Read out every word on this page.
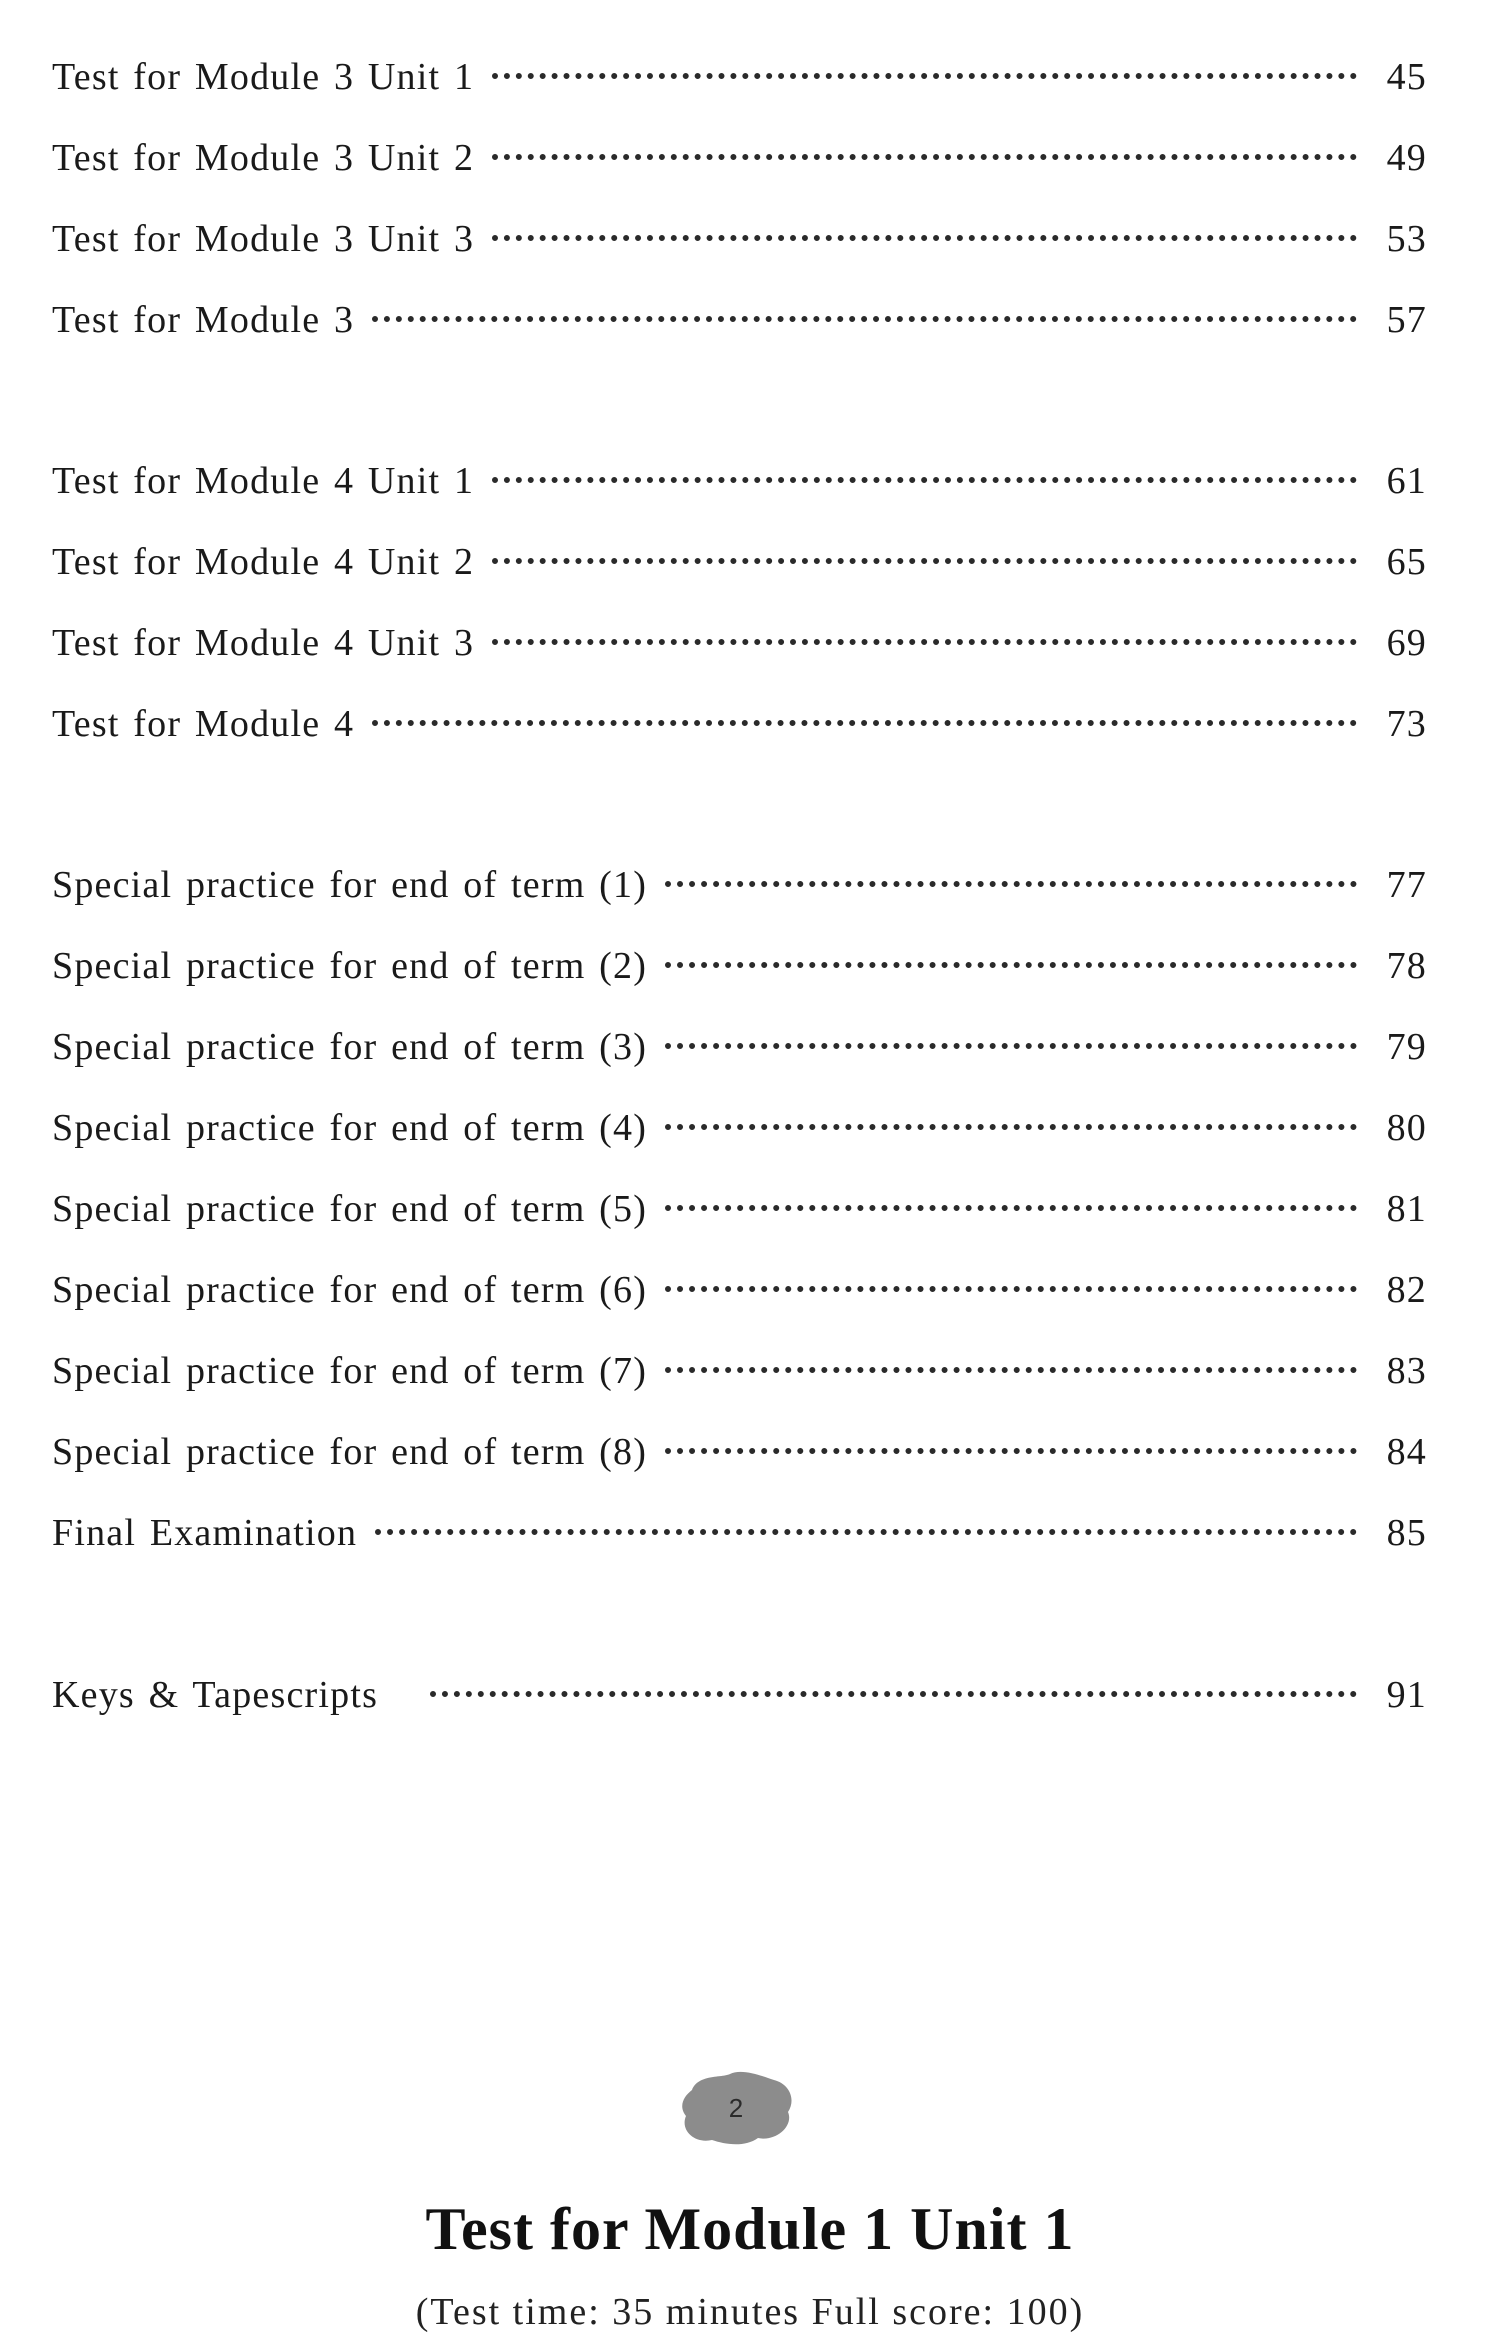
Test for Module 3 Unit 1	45
Test for Module 3 Unit 2	49
Test for Module 3 Unit 3	53
Test for Module 3	57
Test for Module 4 Unit 1	61
Test for Module 4 Unit 2	65
Test for Module 4 Unit 3	69
Test for Module 4	73
Special practice for end of term (1)	77
Special practice for end of term (2)	78
Special practice for end of term (3)	79
Special practice for end of term (4)	80
Special practice for end of term (5)	81
Special practice for end of term (6)	82
Special practice for end of term (7)	83
Special practice for end of term (8)	84
Final Examination	85
Keys & Tapescripts	91
2
Test for Module 1 Unit 1
(Test time: 35 minutes Full score: 100)
